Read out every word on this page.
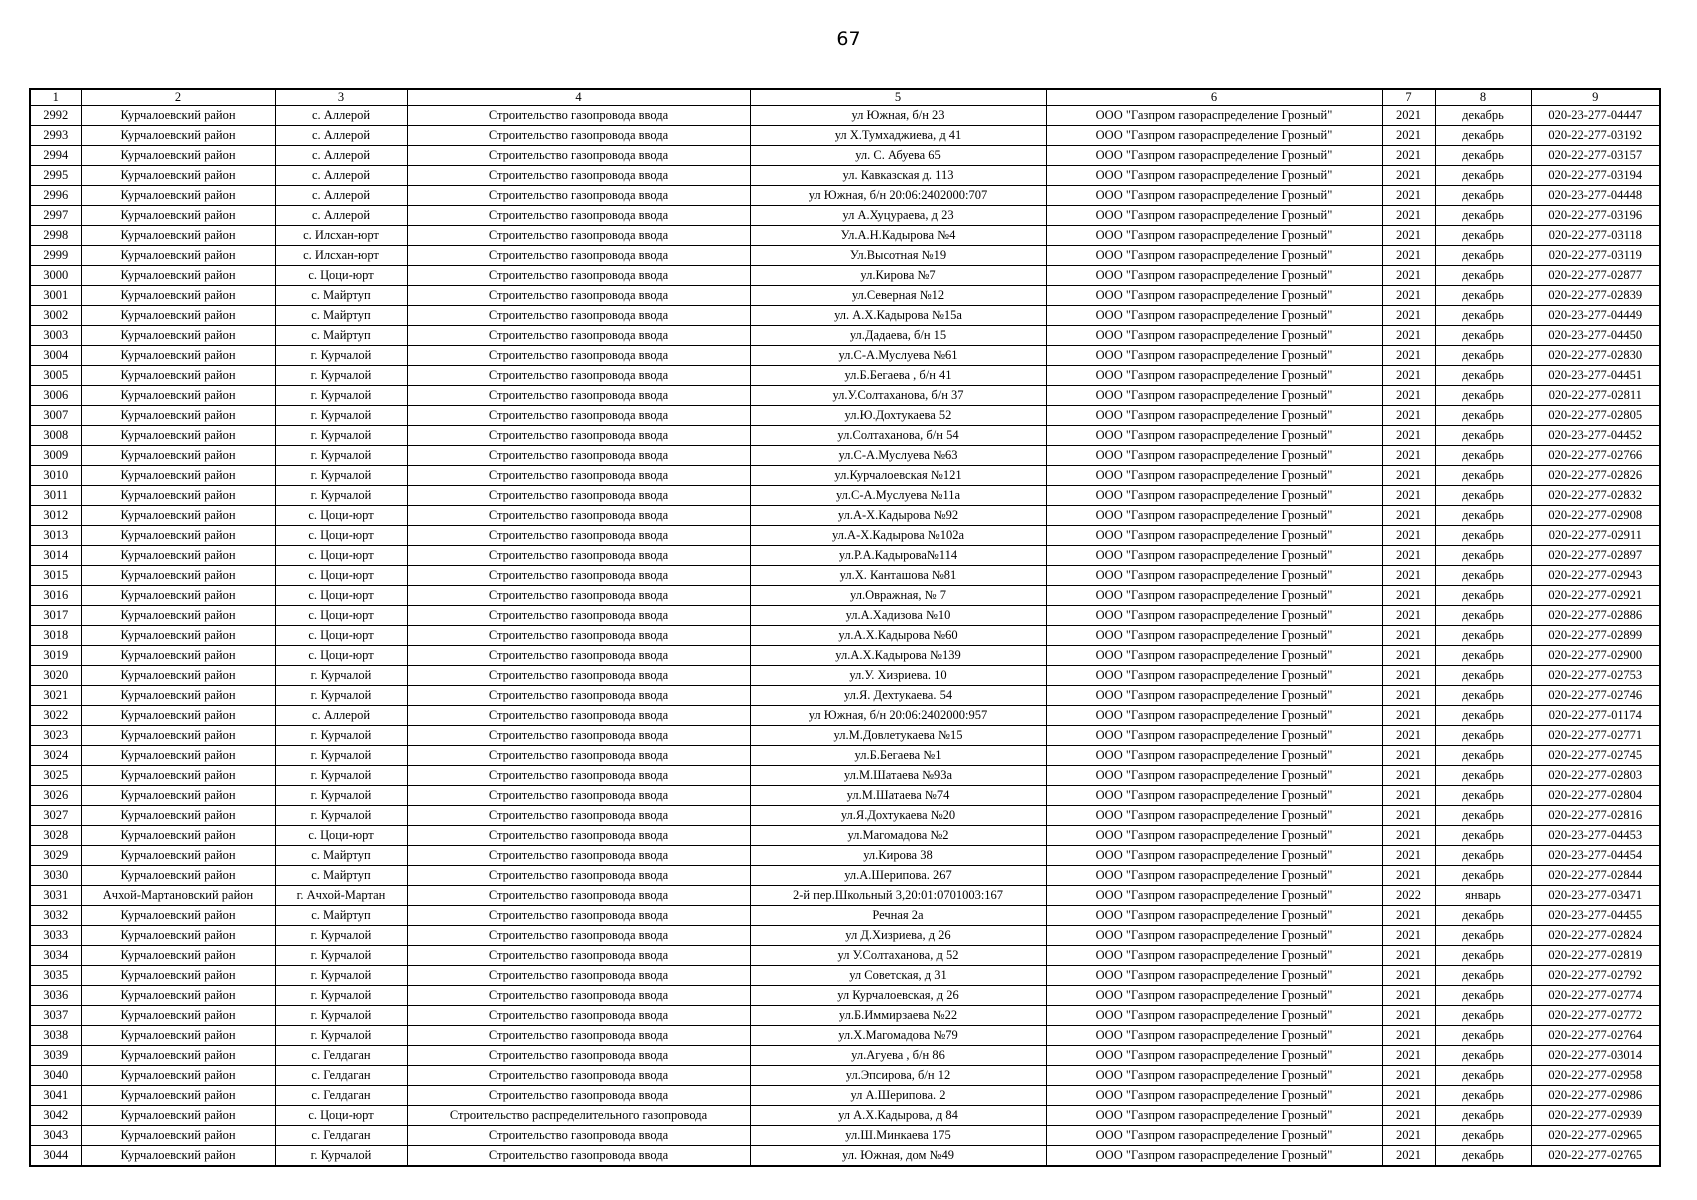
67
1	2	3	4	5	6	7	8	9
2992	Курчалоевский район	с. Аллерой	Строительство газопровода ввода	ул Южная, б/н 23	ООО "Газпром газораспределение Грозный"	2021	декабрь	020-23-277-04447
2993	Курчалоевский район	с. Аллерой	Строительство газопровода ввода	ул Х.Тумхаджиева, д 41	ООО "Газпром газораспределение Грозный"	2021	декабрь	020-22-277-03192
2994	Курчалоевский район	с. Аллерой	Строительство газопровода ввода	ул. С. Абуева 65	ООО "Газпром газораспределение Грозный"	2021	декабрь	020-22-277-03157
2995	Курчалоевский район	с. Аллерой	Строительство газопровода ввода	ул. Кавказская д. 113	ООО "Газпром газораспределение Грозный"	2021	декабрь	020-22-277-03194
2996	Курчалоевский район	с. Аллерой	Строительство газопровода ввода	ул Южная, б/н 20:06:2402000:707	ООО "Газпром газораспределение Грозный"	2021	декабрь	020-23-277-04448
2997	Курчалоевский район	с. Аллерой	Строительство газопровода ввода	ул А.Хуцураева, д 23	ООО "Газпром газораспределение Грозный"	2021	декабрь	020-22-277-03196
2998	Курчалоевский район	с. Илсхан-юрт	Строительство газопровода ввода	Ул.А.Н.Кадырова №4	ООО "Газпром газораспределение Грозный"	2021	декабрь	020-22-277-03118
2999	Курчалоевский район	с. Илсхан-юрт	Строительство газопровода ввода	Ул.Высотная №19	ООО "Газпром газораспределение Грозный"	2021	декабрь	020-22-277-03119
3000	Курчалоевский район	с. Цоци-юрт	Строительство газопровода ввода	ул.Кирова №7	ООО "Газпром газораспределение Грозный"	2021	декабрь	020-22-277-02877
3001	Курчалоевский район	с. Майртуп	Строительство газопровода ввода	ул.Северная №12	ООО "Газпром газораспределение Грозный"	2021	декабрь	020-22-277-02839
3002	Курчалоевский район	с. Майртуп	Строительство газопровода ввода	ул. А.Х.Кадырова №15а	ООО "Газпром газораспределение Грозный"	2021	декабрь	020-23-277-04449
3003	Курчалоевский район	с. Майртуп	Строительство газопровода ввода	ул.Дадаева, б/н 15	ООО "Газпром газораспределение Грозный"	2021	декабрь	020-23-277-04450
3004	Курчалоевский район	г. Курчалой	Строительство газопровода ввода	ул.С-А.Муслуева №61	ООО "Газпром газораспределение Грозный"	2021	декабрь	020-22-277-02830
3005	Курчалоевский район	г. Курчалой	Строительство газопровода ввода	ул.Б.Бегаева , б/н 41	ООО "Газпром газораспределение Грозный"	2021	декабрь	020-23-277-04451
3006	Курчалоевский район	г. Курчалой	Строительство газопровода ввода	ул.У.Солтаханова, б/н 37	ООО "Газпром газораспределение Грозный"	2021	декабрь	020-22-277-02811
3007	Курчалоевский район	г. Курчалой	Строительство газопровода ввода	ул.Ю.Дохтукаева 52	ООО "Газпром газораспределение Грозный"	2021	декабрь	020-22-277-02805
3008	Курчалоевский район	г. Курчалой	Строительство газопровода ввода	ул.Солтаханова, б/н 54	ООО "Газпром газораспределение Грозный"	2021	декабрь	020-23-277-04452
3009	Курчалоевский район	г. Курчалой	Строительство газопровода ввода	ул.С-А.Муслуева №63	ООО "Газпром газораспределение Грозный"	2021	декабрь	020-22-277-02766
3010	Курчалоевский район	г. Курчалой	Строительство газопровода ввода	ул.Курчалоевская №121	ООО "Газпром газораспределение Грозный"	2021	декабрь	020-22-277-02826
3011	Курчалоевский район	г. Курчалой	Строительство газопровода ввода	ул.С-А.Муслуева №11а	ООО "Газпром газораспределение Грозный"	2021	декабрь	020-22-277-02832
3012	Курчалоевский район	с. Цоци-юрт	Строительство газопровода ввода	ул.А-Х.Кадырова №92	ООО "Газпром газораспределение Грозный"	2021	декабрь	020-22-277-02908
3013	Курчалоевский район	с. Цоци-юрт	Строительство газопровода ввода	ул.А-Х.Кадырова №102а	ООО "Газпром газораспределение Грозный"	2021	декабрь	020-22-277-02911
3014	Курчалоевский район	с. Цоци-юрт	Строительство газопровода ввода	ул.Р.А.Кадырова№114	ООО "Газпром газораспределение Грозный"	2021	декабрь	020-22-277-02897
3015	Курчалоевский район	с. Цоци-юрт	Строительство газопровода ввода	ул.Х. Канташова №81	ООО "Газпром газораспределение Грозный"	2021	декабрь	020-22-277-02943
3016	Курчалоевский район	с. Цоци-юрт	Строительство газопровода ввода	ул.Овражная, № 7	ООО "Газпром газораспределение Грозный"	2021	декабрь	020-22-277-02921
3017	Курчалоевский район	с. Цоци-юрт	Строительство газопровода ввода	ул.А.Хадизова №10	ООО "Газпром газораспределение Грозный"	2021	декабрь	020-22-277-02886
3018	Курчалоевский район	с. Цоци-юрт	Строительство газопровода ввода	ул.А.Х.Кадырова №60	ООО "Газпром газораспределение Грозный"	2021	декабрь	020-22-277-02899
3019	Курчалоевский район	с. Цоци-юрт	Строительство газопровода ввода	ул.А.Х.Кадырова №139	ООО "Газпром газораспределение Грозный"	2021	декабрь	020-22-277-02900
3020	Курчалоевский район	г. Курчалой	Строительство газопровода ввода	ул.У. Хизриева. 10	ООО "Газпром газораспределение Грозный"	2021	декабрь	020-22-277-02753
3021	Курчалоевский район	г. Курчалой	Строительство газопровода ввода	ул.Я. Дехтукаева. 54	ООО "Газпром газораспределение Грозный"	2021	декабрь	020-22-277-02746
3022	Курчалоевский район	с. Аллерой	Строительство газопровода ввода	ул Южная, б/н 20:06:2402000:957	ООО "Газпром газораспределение Грозный"	2021	декабрь	020-22-277-01174
3023	Курчалоевский район	г. Курчалой	Строительство газопровода ввода	ул.М.Довлетукаева №15	ООО "Газпром газораспределение Грозный"	2021	декабрь	020-22-277-02771
3024	Курчалоевский район	г. Курчалой	Строительство газопровода ввода	ул.Б.Бегаева №1	ООО "Газпром газораспределение Грозный"	2021	декабрь	020-22-277-02745
3025	Курчалоевский район	г. Курчалой	Строительство газопровода ввода	ул.М.Шатаева №93а	ООО "Газпром газораспределение Грозный"	2021	декабрь	020-22-277-02803
3026	Курчалоевский район	г. Курчалой	Строительство газопровода ввода	ул.М.Шатаева №74	ООО "Газпром газораспределение Грозный"	2021	декабрь	020-22-277-02804
3027	Курчалоевский район	г. Курчалой	Строительство газопровода ввода	ул.Я.Дохтукаева №20	ООО "Газпром газораспределение Грозный"	2021	декабрь	020-22-277-02816
3028	Курчалоевский район	с. Цоци-юрт	Строительство газопровода ввода	ул.Магомадова №2	ООО "Газпром газораспределение Грозный"	2021	декабрь	020-23-277-04453
3029	Курчалоевский район	с. Майртуп	Строительство газопровода ввода	ул.Кирова 38	ООО "Газпром газораспределение Грозный"	2021	декабрь	020-23-277-04454
3030	Курчалоевский район	с. Майртуп	Строительство газопровода ввода	ул.А.Шерипова. 267	ООО "Газпром газораспределение Грозный"	2021	декабрь	020-22-277-02844
3031	Ачхой-Мартановский район	г. Ачхой-Мартан	Строительство газопровода ввода	2-й пер.Школьный 3,20:01:0701003:167	ООО "Газпром газораспределение Грозный"	2022	январь	020-23-277-03471
3032	Курчалоевский район	с. Майртуп	Строительство газопровода ввода	Речная 2а	ООО "Газпром газораспределение Грозный"	2021	декабрь	020-23-277-04455
3033	Курчалоевский район	г. Курчалой	Строительство газопровода ввода	ул Д.Хизриева, д 26	ООО "Газпром газораспределение Грозный"	2021	декабрь	020-22-277-02824
3034	Курчалоевский район	г. Курчалой	Строительство газопровода ввода	ул У.Солтаханова, д 52	ООО "Газпром газораспределение Грозный"	2021	декабрь	020-22-277-02819
3035	Курчалоевский район	г. Курчалой	Строительство газопровода ввода	ул Советская, д 31	ООО "Газпром газораспределение Грозный"	2021	декабрь	020-22-277-02792
3036	Курчалоевский район	г. Курчалой	Строительство газопровода ввода	ул Курчалоевская, д 26	ООО "Газпром газораспределение Грозный"	2021	декабрь	020-22-277-02774
3037	Курчалоевский район	г. Курчалой	Строительство газопровода ввода	ул.Б.Иммирзаева №22	ООО "Газпром газораспределение Грозный"	2021	декабрь	020-22-277-02772
3038	Курчалоевский район	г. Курчалой	Строительство газопровода ввода	ул.Х.Магомадова №79	ООО "Газпром газораспределение Грозный"	2021	декабрь	020-22-277-02764
3039	Курчалоевский район	с. Гелдаган	Строительство газопровода ввода	ул.Агуева , б/н 86	ООО "Газпром газораспределение Грозный"	2021	декабрь	020-22-277-03014
3040	Курчалоевский район	с. Гелдаган	Строительство газопровода ввода	ул.Эпсирова, б/н 12	ООО "Газпром газораспределение Грозный"	2021	декабрь	020-22-277-02958
3041	Курчалоевский район	с. Гелдаган	Строительство газопровода ввода	ул А.Шерипова. 2	ООО "Газпром газораспределение Грозный"	2021	декабрь	020-22-277-02986
3042	Курчалоевский район	с. Цоци-юрт	Строительство распределительного газопровода	ул А.Х.Кадырова, д 84	ООО "Газпром газораспределение Грозный"	2021	декабрь	020-22-277-02939
3043	Курчалоевский район	с. Гелдаган	Строительство газопровода ввода	ул.Ш.Минкаева 175	ООО "Газпром газораспределение Грозный"	2021	декабрь	020-22-277-02965
3044	Курчалоевский район	г. Курчалой	Строительство газопровода ввода	ул. Южная, дом №49	ООО "Газпром газораспределение Грозный"	2021	декабрь	020-22-277-02765
